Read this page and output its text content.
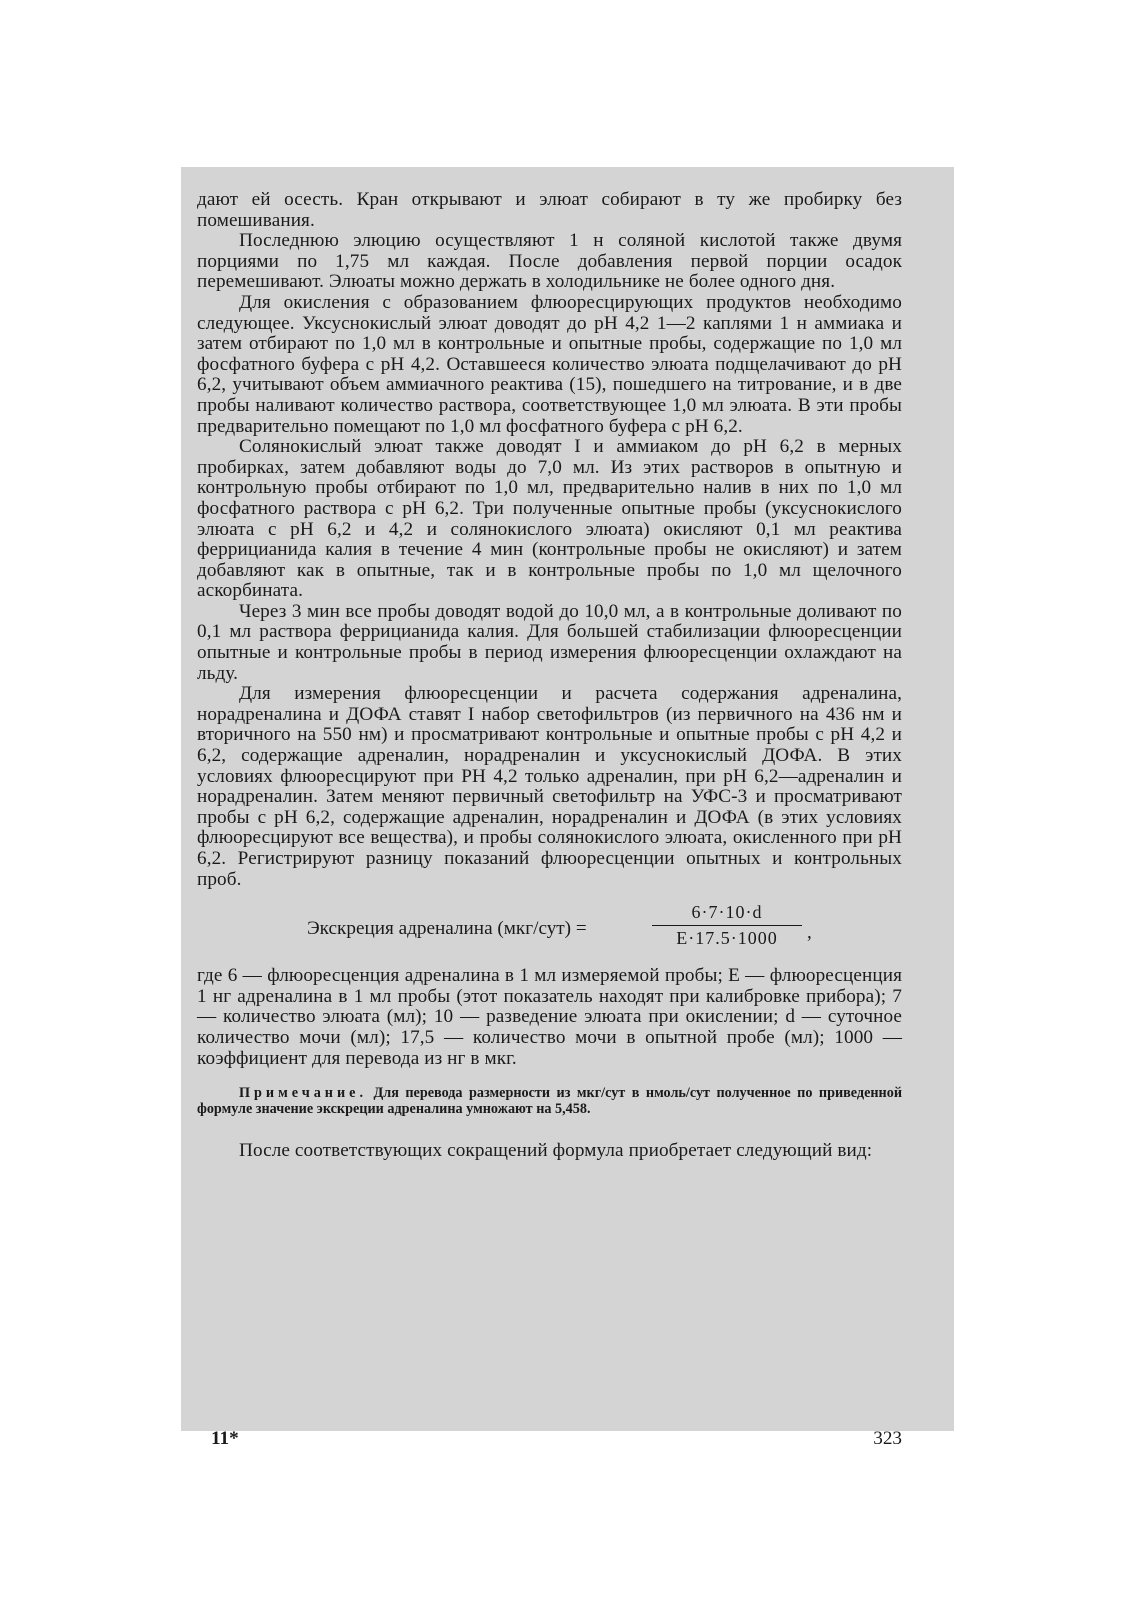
дают ей осесть. Кран открывают и элюат собирают в ту же пробирку без помешивания.

Последнюю элюцию осуществляют 1 н соляной кислотой также двумя порциями по 1,75 мл каждая. После добавления первой порции осадок перемешивают. Элюаты можно держать в холодильнике не более одного дня.

Для окисления с образованием флюоресцирующих продуктов необходимо следующее. Уксуснокислый элюат доводят до pH 4,2 1—2 каплями 1 н аммиака и затем отбирают по 1,0 мл в контрольные и опытные пробы, содержащие по 1,0 мл фосфатного буфера с pH 4,2. Оставшееся количество элюата подщелачивают до pH 6,2, учитывают объем аммиачного реактива (15), пошедшего на титрование, и в две пробы наливают количество раствора, соответствующее 1,0 мл элюата. В эти пробы предварительно помещают по 1,0 мл фосфатного буфера с pH 6,2.

Солянокислый элюат также доводят I и аммиаком до pH 6,2 в мерных пробирках, затем добавляют воды до 7,0 мл. Из этих растворов в опытную и контрольную пробы отбирают по 1,0 мл, предварительно налив в них по 1,0 мл фосфатного раствора с pH 6,2. Три полученные опытные пробы (уксуснокислого элюата с pH 6,2 и 4,2 и солянокислого элюата) окисляют 0,1 мл реактива феррицианида калия в течение 4 мин (контрольные пробы не окисляют) и затем добавляют как в опытные, так и в контрольные пробы по 1,0 мл щелочного аскорбината.

Через 3 мин все пробы доводят водой до 10,0 мл, а в контрольные доливают по 0,1 мл раствора феррицианида калия. Для большей стабилизации флюоресценции опытные и контрольные пробы в период измерения флюоресценции охлаждают на льду.

Для измерения флюоресценции и расчета содержания адреналина, норадреналина и ДОФА ставят I набор светофильтров (из первичного на 436 нм и вторичного на 550 нм) и просматривают контрольные и опытные пробы с pH 4,2 и 6,2, содержащие адреналин, норадреналин и уксуснокислый ДОФА. В этих условиях флюоресцируют при PH 4,2 только адреналин, при pH 6,2—адреналин и норадреналин. Затем меняют первичный светофильтр на УФС-3 и просматривают пробы с pH 6,2, содержащие адреналин, норадреналин и ДОФА (в этих условиях флюоресцируют все вещества), и пробы солянокислого элюата, окисленного при pH 6,2. Регистрируют разницу показаний флюоресценции опытных и контрольных проб.

Экскреция адреналина (мкг/сут) =
6·7·10·d
E·17.5·1000	,

где 6 — флюоресценция адреналина в 1 мл измеряемой пробы; E — флюоресценция 1 нг адреналина в 1 мл пробы (этот показатель находят при калибровке прибора); 7 — количество элюата (мл); 10 — разведение элюата при окислении; d — суточное количество мочи (мл); 17,5 — количество мочи в опытной пробе (мл); 1000 — коэффициент для перевода из нг в мкг.

Примечание. Для перевода размерности из мкг/сут в нмоль/сут полученное по приведенной формуле значение экскреции адреналина умножают на 5,458.

После соответствующих сокращений формула приобретает следующий вид:

11*	323
